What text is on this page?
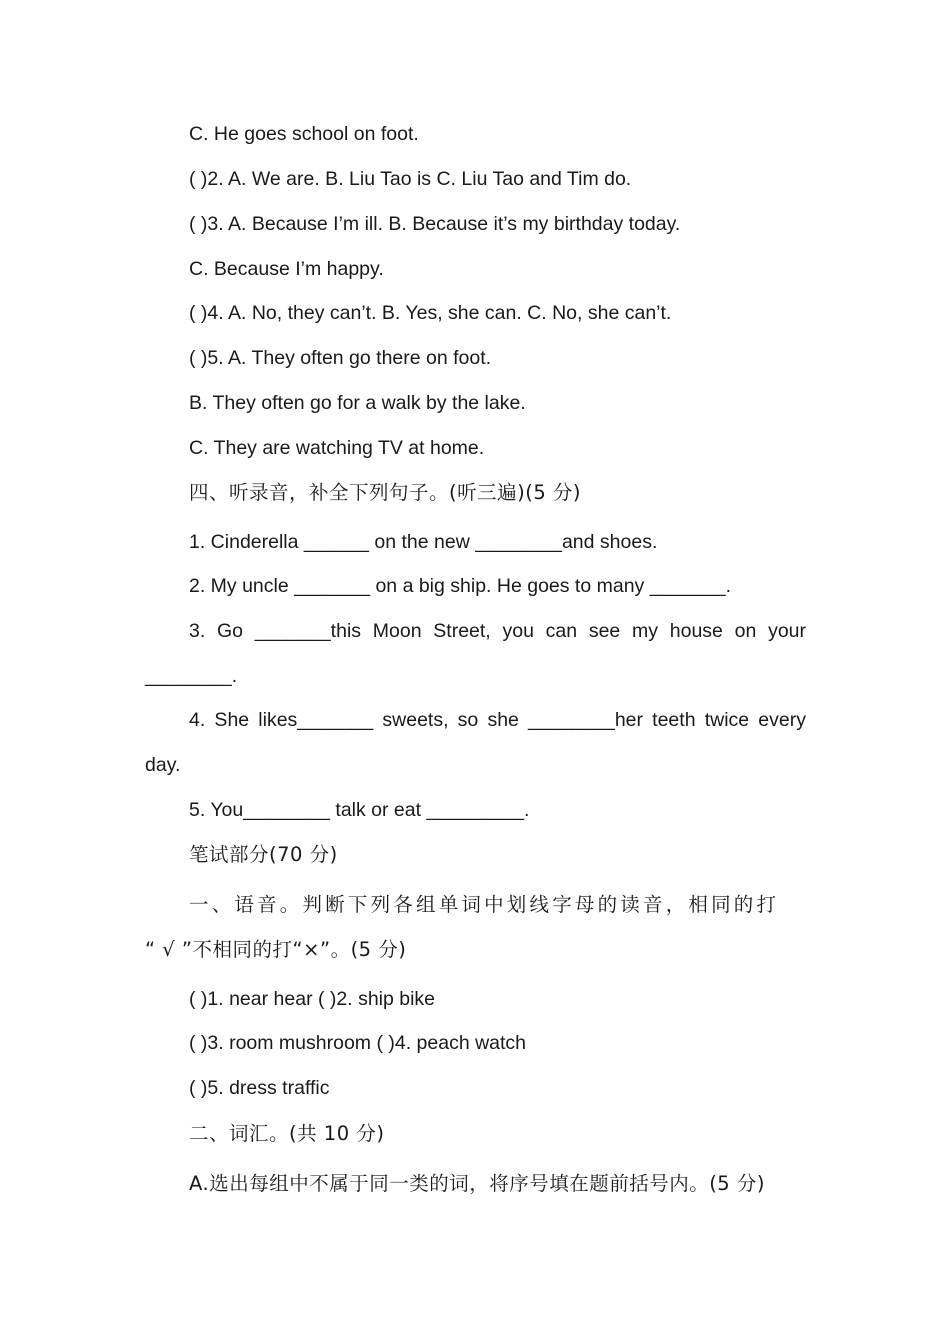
C. He goes school on foot.
( )2. A. We are. B. Liu Tao is C. Liu Tao and Tim do.
( )3. A. Because I’m ill. B. Because it’s my birthday today.
C. Because I’m happy.
( )4. A. No, they can’t. B. Yes, she can. C. No, she can’t.
( )5. A. They often go there on foot.
B. They often go for a walk by the lake.
C. They are watching TV at home.
四、听录音，补全下列句子。(听三遍)(5 分)
1. Cinderella ______ on the new ________and shoes.
2. My uncle _______ on a big ship. He goes to many _______.
3. Go _______this Moon Street, you can see my house on your
________.
4. She likes_______ sweets, so she ________her teeth twice every
day.
5. You________ talk or eat _________.
笔试部分(70 分)
一、语音。判断下列各组单词中划线字母的读音，相同的打
“ √ ”不相同的打“×”。(5 分)
( )1. near hear ( )2. ship bike
( )3. room mushroom ( )4. peach watch
( )5. dress traffic
二、词汇。(共 10 分)
A.选出每组中不属于同一类的词，将序号填在题前括号内。(5 分)
